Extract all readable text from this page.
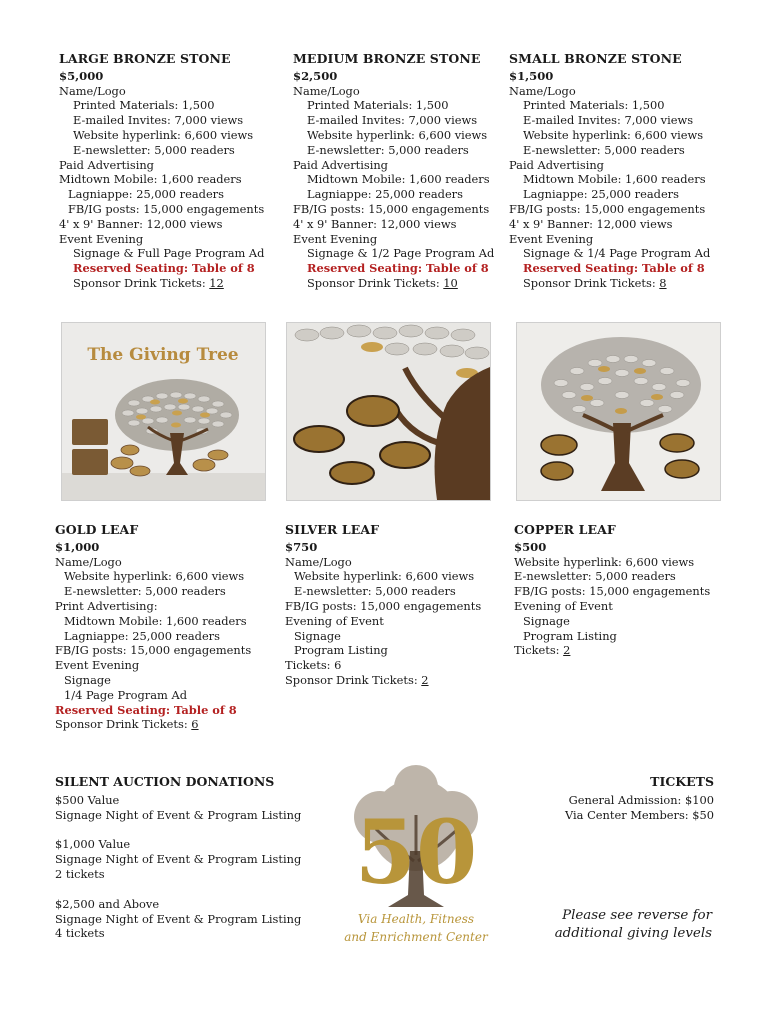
LARGE BRONZE STONE
$5,000
Name/Logo
Printed Materials: 1,500
E-mailed Invites: 7,000 views
Website hyperlink: 6,600 views
E-newsletter: 5,000 readers
Paid Advertising
Midtown Mobile: 1,600 readers
Lagniappe: 25,000 readers
FB/IG posts: 15,000 engagements
4' x 9' Banner: 12,000 views
Event Evening
Signage & Full Page Program Ad
Reserved Seating: Table of 8
Sponsor Drink Tickets: 12
MEDIUM BRONZE STONE
$2,500
Name/Logo
Printed Materials: 1,500
E-mailed Invites: 7,000 views
Website hyperlink: 6,600 views
E-newsletter: 5,000 readers
Paid Advertising
Midtown Mobile: 1,600 readers
Lagniappe: 25,000 readers
FB/IG posts: 15,000 engagements
4' x 9' Banner: 12,000 views
Event Evening
Signage & 1/2 Page Program Ad
Reserved Seating: Table of 8
Sponsor Drink Tickets: 10
SMALL BRONZE STONE
$1,500
Name/Logo
Printed Materials: 1,500
E-mailed Invites: 7,000 views
Website hyperlink: 6,600 views
E-newsletter: 5,000 readers
Paid Advertising
Midtown Mobile: 1,600 readers
Lagniappe: 25,000 readers
FB/IG posts: 15,000 engagements
4' x 9' Banner: 12,000 views
Event Evening
Signage & 1/4 Page Program Ad
Reserved Seating: Table of 8
Sponsor Drink Tickets: 8
The Giving Tree
GOLD LEAF
$1,000
Name/Logo
Website hyperlink: 6,600 views
E-newsletter: 5,000 readers
Print Advertising:
Midtown Mobile: 1,600 readers
Lagniappe: 25,000 readers
FB/IG posts: 15,000 engagements
Event Evening
Signage
1/4 Page Program Ad
Reserved Seating: Table of 8
Sponsor Drink Tickets: 6
SILVER LEAF
$750
Name/Logo
Website hyperlink: 6,600 views
E-newsletter: 5,000 readers
FB/IG posts: 15,000 engagements
Evening of Event
Signage
Program Listing
Tickets: 6
Sponsor Drink Tickets: 2
COPPER LEAF
$500
Website hyperlink: 6,600 views
E-newsletter: 5,000 readers
FB/IG posts: 15,000 engagements
Evening of Event
Signage
Program Listing
Tickets: 2
SILENT AUCTION DONATIONS
$500 Value
Signage Night of Event & Program Listing
$1,000 Value
Signage Night of Event & Program Listing
2 tickets
$2,500 and Above
Signage Night of Event & Program Listing
4 tickets
50
Via Health, Fitness
and Enrichment Center
TICKETS
General Admission: $100
Via Center Members: $50
Please see reverse for
additional giving levels
